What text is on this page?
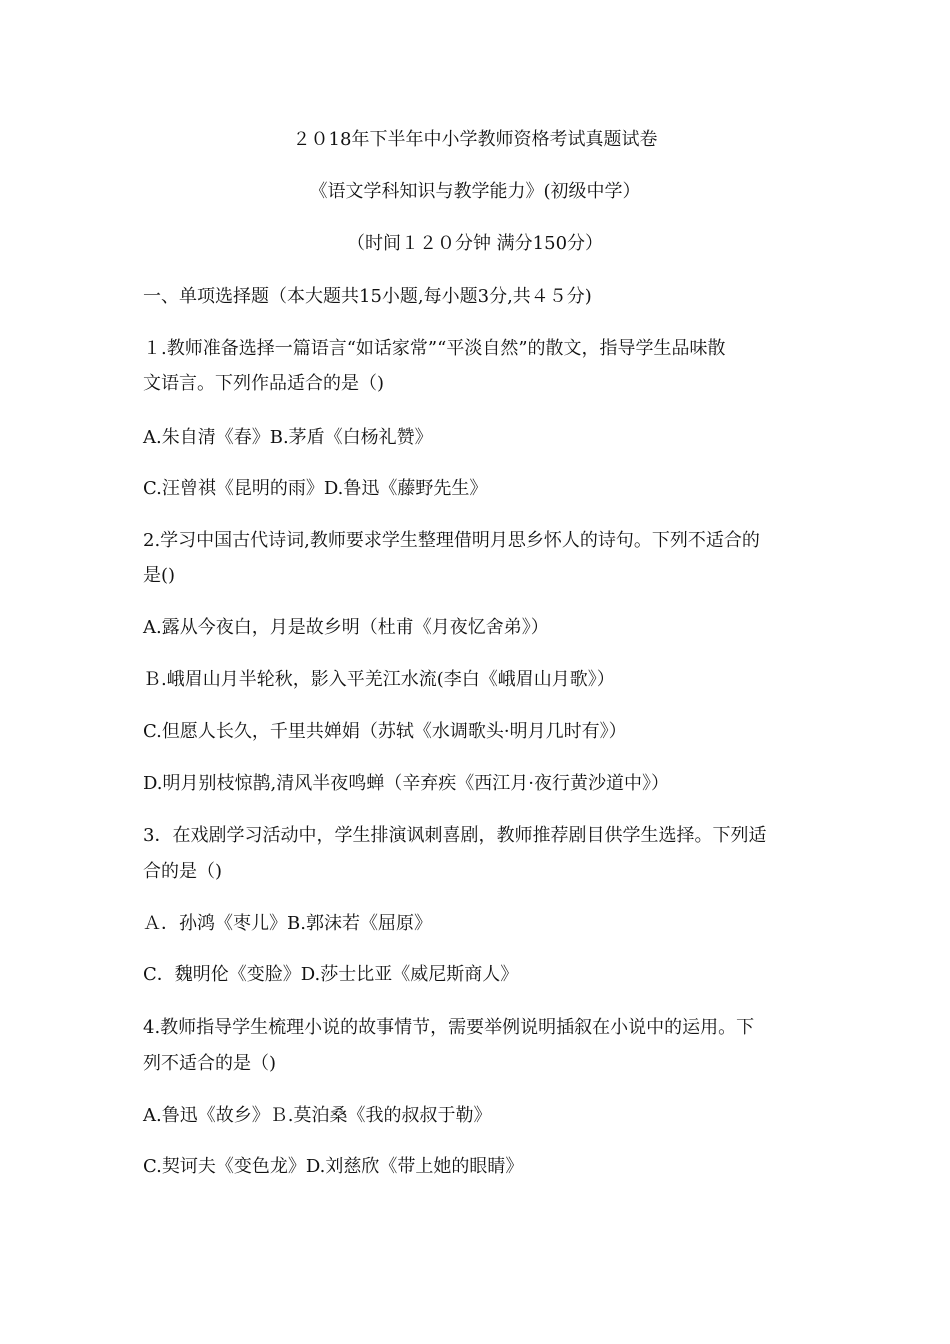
２０18年下半年中小学教师资格考试真题试卷
《语文学科知识与教学能力》(初级中学）
（时间１２０分钟 满分150分）
一、单项选择题（本大题共15小题,每小题3分,共４５分)
１.教师准备选择一篇语言“如话家常”“平淡自然”的散文，指导学生品味散
文语言。下列作品适合的是（)
A.朱自清《春》B.茅盾《白杨礼赞》
C.汪曾祺《昆明的雨》D.鲁迅《藤野先生》
2.学习中国古代诗词,教师要求学生整理借明月思乡怀人的诗句。下列不适合的
是()
A.露从今夜白，月是故乡明（杜甫《月夜忆舍弟》）
Ｂ.峨眉山月半轮秋，影入平羌江水流(李白《峨眉山月歌》）
C.但愿人长久，千里共婵娟（苏轼《水调歌头·明月几时有》）
D.明月别枝惊鹊,清风半夜鸣蝉（辛弃疾《西江月·夜行黄沙道中》）
3．在戏剧学习活动中，学生排演讽刺喜剧，教师推荐剧目供学生选择。下列适
合的是（)
Ａ．孙鸿《枣儿》B.郭沫若《屈原》
C．魏明伦《变脸》D.莎士比亚《威尼斯商人》
4.教师指导学生梳理小说的故事情节，需要举例说明插叙在小说中的运用。下
列不适合的是（)
A.鲁迅《故乡》Ｂ.莫泊桑《我的叔叔于勒》
C.契诃夫《变色龙》D.刘慈欣《带上她的眼睛》
